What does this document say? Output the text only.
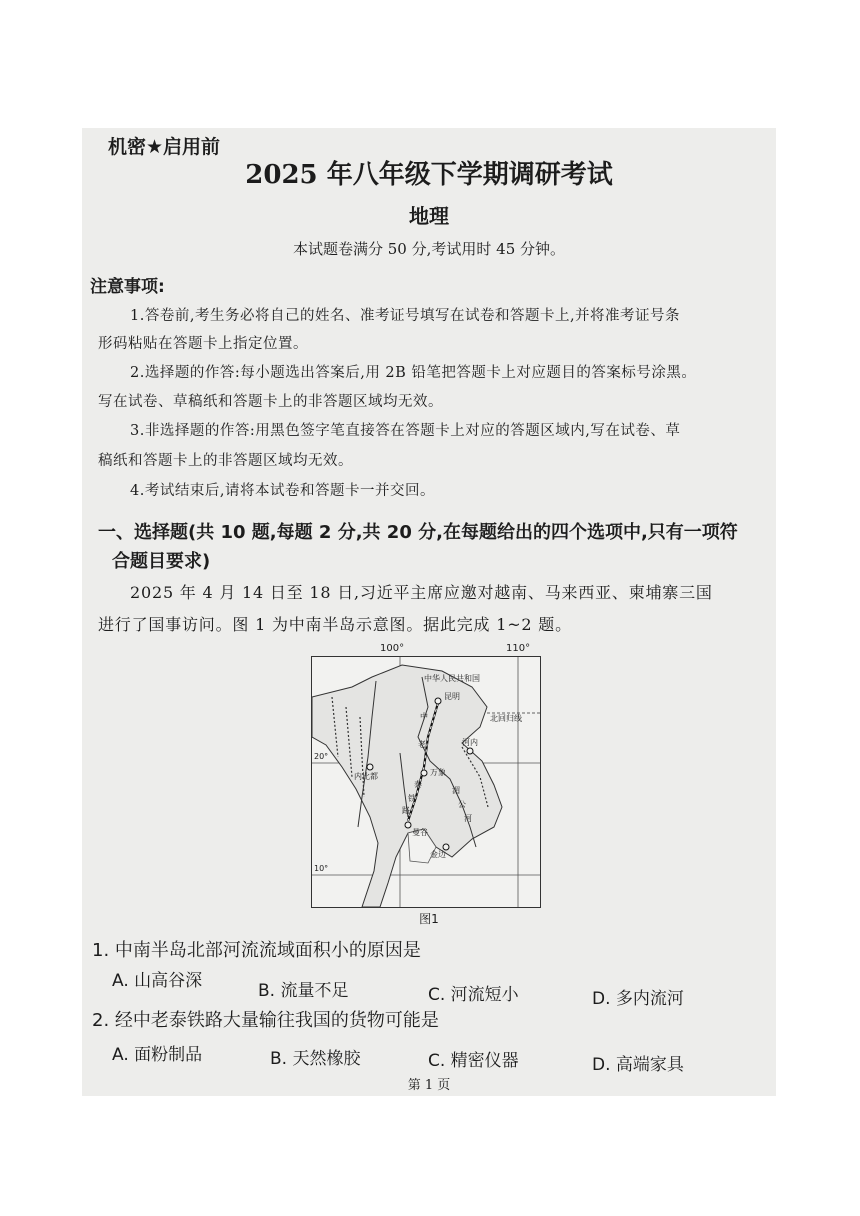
机密★启用前
2025 年八年级下学期调研考试
地理
本试题卷满分 50 分,考试用时 45 分钟。
注意事项:
1.答卷前,考生务必将自己的姓名、准考证号填写在试卷和答题卡上,并将准考证号条
形码粘贴在答题卡上指定位置。
2.选择题的作答:每小题选出答案后,用 2B 铅笔把答题卡上对应题目的答案标号涂黑。
写在试卷、草稿纸和答题卡上的非答题区域均无效。
3.非选择题的作答:用黑色签字笔直接答在答题卡上对应的答题区域内,写在试卷、草
稿纸和答题卡上的非答题区域均无效。
4.考试结束后,请将本试卷和答题卡一并交回。
一、选择题(共 10 题,每题 2 分,共 20 分,在每题给出的四个选项中,只有一项符
合题目要求)
2025 年 4 月 14 日至 18 日,习近平主席应邀对越南、马来西亚、柬埔寨三国
进行了国事访问。图 1 为中南半岛示意图。据此完成 1~2 题。
中华人民共和国
昆明
北回归线
河内
20°
内比都	万象
曼谷
金边
中
老
泰
铁
路
湄
公
河
10°
100°	110°
图1
1. 中南半岛北部河流流域面积小的原因是
A. 山高谷深	B. 流量不足	C. 河流短小	D. 多内流河
2. 经中老泰铁路大量输往我国的货物可能是
A. 面粉制品	B. 天然橡胶	C. 精密仪器	D. 高端家具
第 1 页
